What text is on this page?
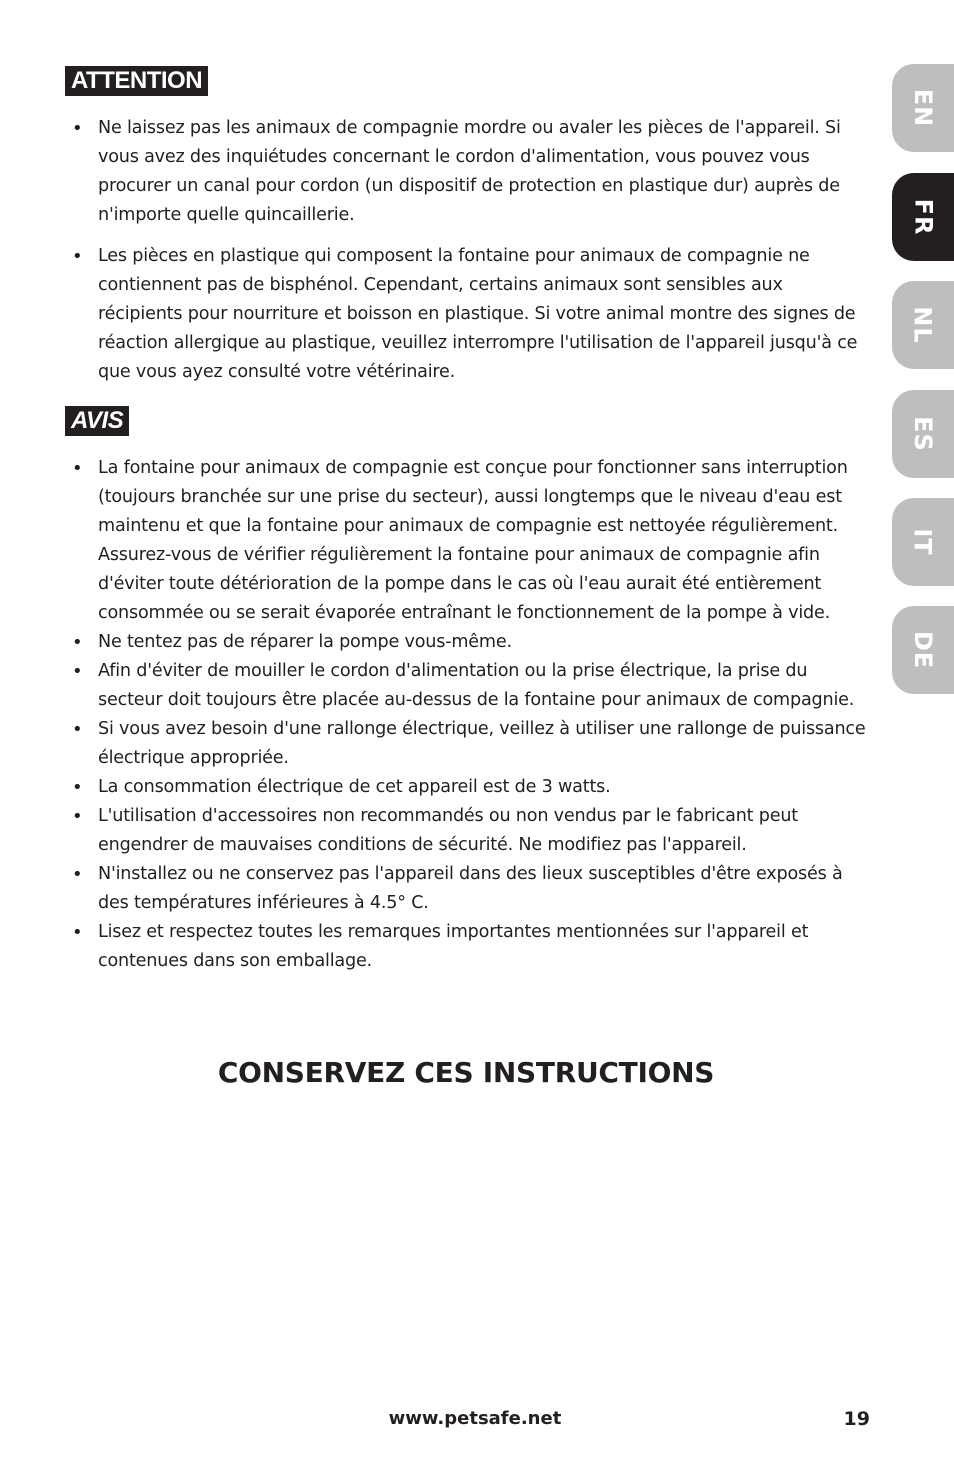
ATTENTION
• Ne laissez pas les animaux de compagnie mordre ou avaler les pièces de l'appareil. Si vous avez des inquiétudes concernant le cordon d'alimentation, vous pouvez vous procurer un canal pour cordon (un dispositif de protection en plastique dur) auprès de n'importe quelle quincaillerie.
• Les pièces en plastique qui composent la fontaine pour animaux de compagnie ne contiennent pas de bisphénol. Cependant, certains animaux sont sensibles aux récipients pour nourriture et boisson en plastique. Si votre animal montre des signes de réaction allergique au plastique, veuillez interrompre l'utilisation de l'appareil jusqu'à ce que vous ayez consulté votre vétérinaire.
AVIS
• La fontaine pour animaux de compagnie est conçue pour fonctionner sans interruption (toujours branchée sur une prise du secteur), aussi longtemps que le niveau d'eau est maintenu et que la fontaine pour animaux de compagnie est nettoyée régulièrement. Assurez-vous de vérifier régulièrement la fontaine pour animaux de compagnie afin d'éviter toute détérioration de la pompe dans le cas où l'eau aurait été entièrement consommée ou se serait évaporée entraînant le fonctionnement de la pompe à vide.
• Ne tentez pas de réparer la pompe vous-même.
• Afin d'éviter de mouiller le cordon d'alimentation ou la prise électrique, la prise du secteur doit toujours être placée au-dessus de la fontaine pour animaux de compagnie.
• Si vous avez besoin d'une rallonge électrique, veillez à utiliser une rallonge de puissance électrique appropriée.
• La consommation électrique de cet appareil est de 3 watts.
• L'utilisation d'accessoires non recommandés ou non vendus par le fabricant peut engendrer de mauvaises conditions de sécurité. Ne modifiez pas l'appareil.
• N'installez ou ne conservez pas l'appareil dans des lieux susceptibles d'être exposés à des températures inférieures à 4.5° C.
• Lisez et respectez toutes les remarques importantes mentionnées sur l'appareil et contenues dans son emballage.
CONSERVEZ CES INSTRUCTIONS
www.petsafe.net	19
EN
FR
NL
ES
IT
DE
